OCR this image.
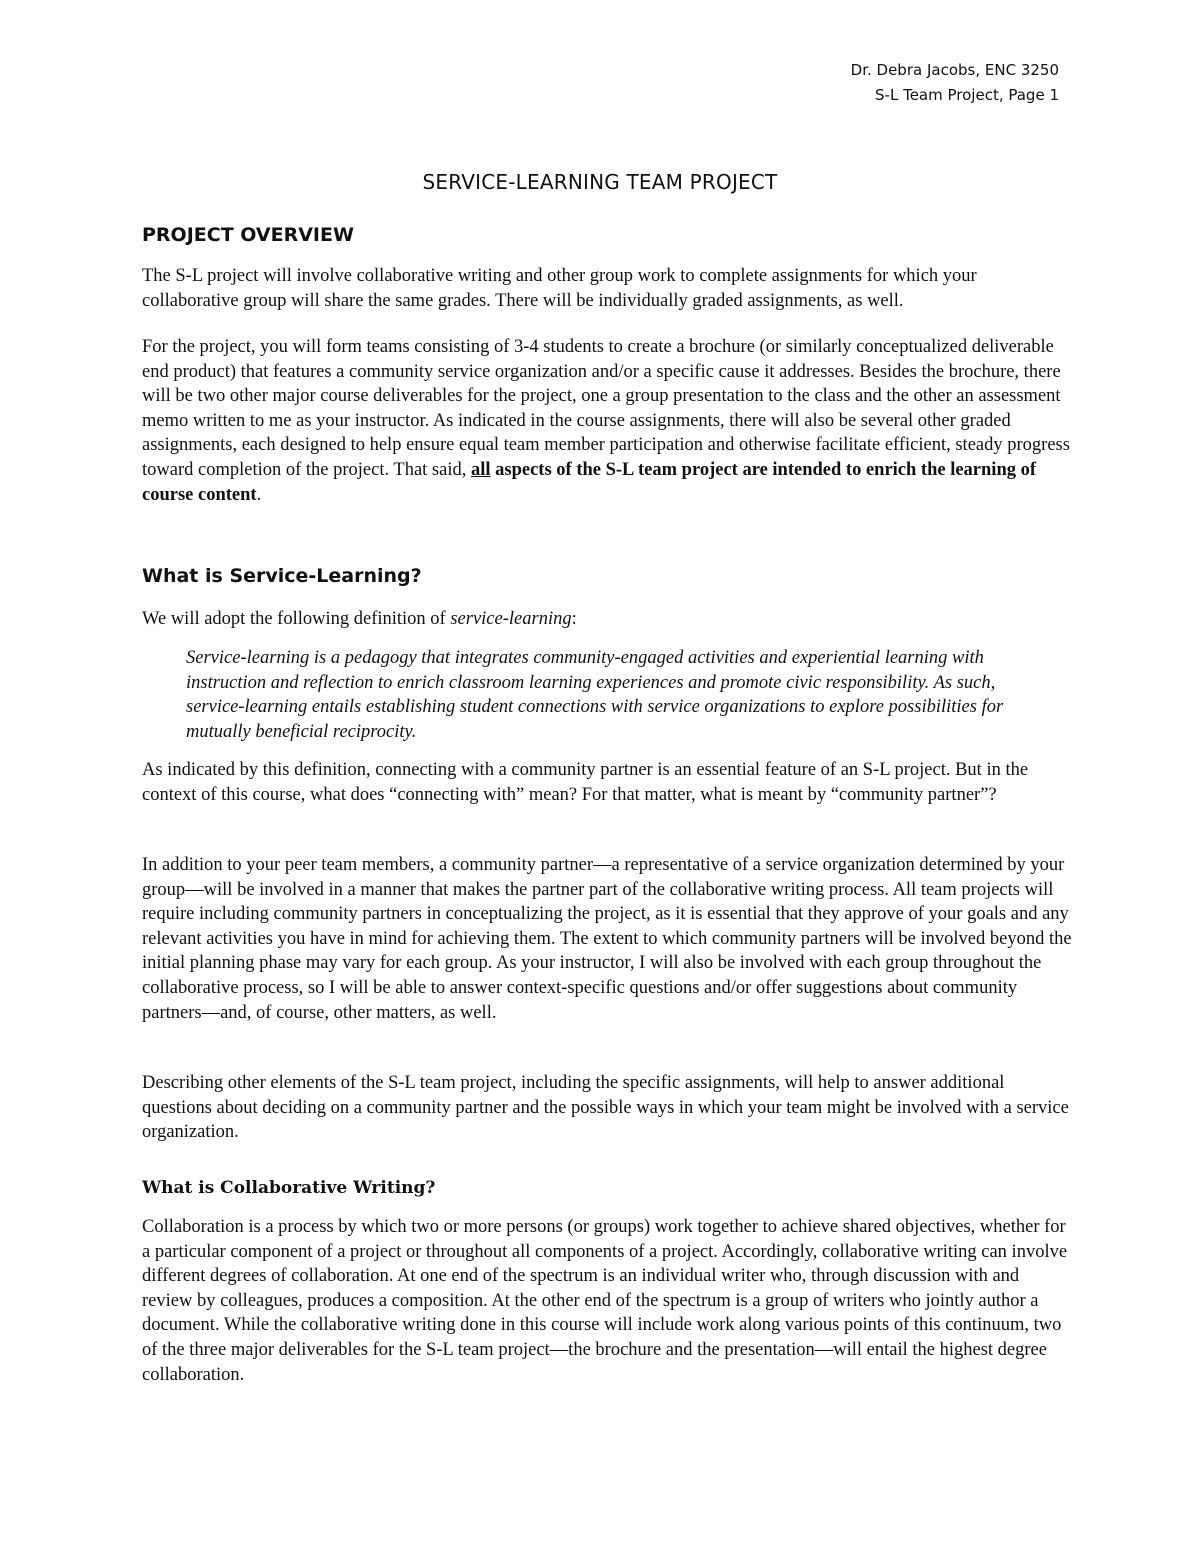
Dr. Debra Jacobs, ENC 3250
S-L Team Project, Page 1
SERVICE-LEARNING TEAM PROJECT
PROJECT OVERVIEW
The S-L project will involve collaborative writing and other group work to complete assignments for which your collaborative group will share the same grades. There will be individually graded assignments, as well.
For the project, you will form teams consisting of 3-4 students to create a brochure (or similarly conceptualized deliverable end product) that features a community service organization and/or a specific cause it addresses. Besides the brochure, there will be two other major course deliverables for the project, one a group presentation to the class and the other an assessment memo written to me as your instructor. As indicated in the course assignments, there will also be several other graded assignments, each designed to help ensure equal team member participation and otherwise facilitate efficient, steady progress toward completion of the project. That said, all aspects of the S-L team project are intended to enrich the learning of course content.
What is Service-Learning?
We will adopt the following definition of service-learning:
Service-learning is a pedagogy that integrates community-engaged activities and experiential learning with instruction and reflection to enrich classroom learning experiences and promote civic responsibility. As such, service-learning entails establishing student connections with service organizations to explore possibilities for mutually beneficial reciprocity.
As indicated by this definition, connecting with a community partner is an essential feature of an S-L project. But in the context of this course, what does “connecting with” mean? For that matter, what is meant by “community partner”?
In addition to your peer team members, a community partner—a representative of a service organization determined by your group—will be involved in a manner that makes the partner part of the collaborative writing process. All team projects will require including community partners in conceptualizing the project, as it is essential that they approve of your goals and any relevant activities you have in mind for achieving them. The extent to which community partners will be involved beyond the initial planning phase may vary for each group. As your instructor, I will also be involved with each group throughout the collaborative process, so I will be able to answer context-specific questions and/or offer suggestions about community partners—and, of course, other matters, as well.
Describing other elements of the S-L team project, including the specific assignments, will help to answer additional questions about deciding on a community partner and the possible ways in which your team might be involved with a service organization.
What is Collaborative Writing?
Collaboration is a process by which two or more persons (or groups) work together to achieve shared objectives, whether for a particular component of a project or throughout all components of a project. Accordingly, collaborative writing can involve different degrees of collaboration. At one end of the spectrum is an individual writer who, through discussion with and review by colleagues, produces a composition. At the other end of the spectrum is a group of writers who jointly author a document. While the collaborative writing done in this course will include work along various points of this continuum, two of the three major deliverables for the S-L team project—the brochure and the presentation—will entail the highest degree collaboration.
